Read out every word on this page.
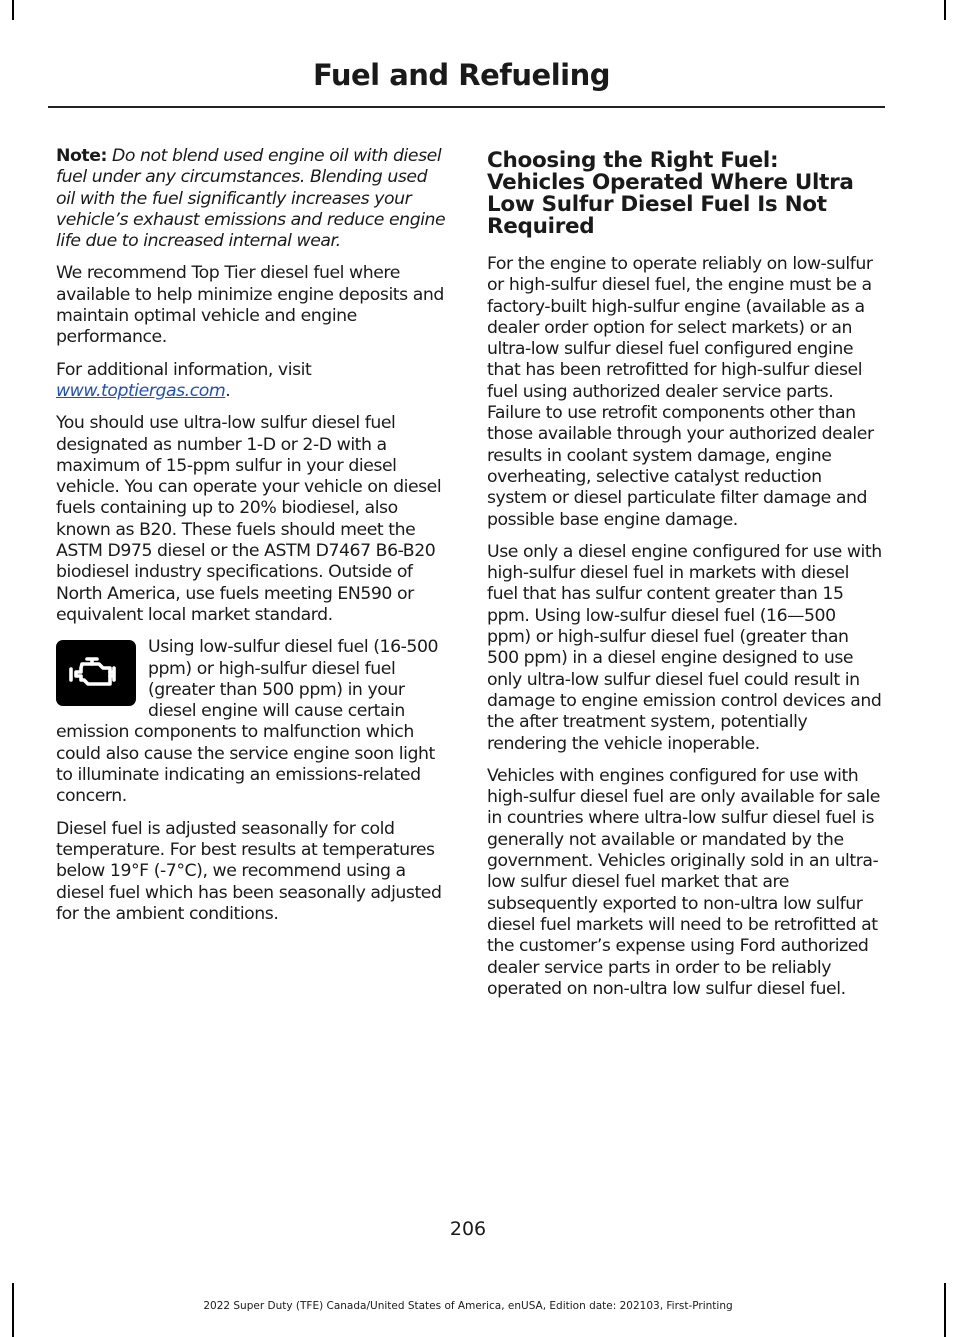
Fuel and Refueling

Note: Do not blend used engine oil with diesel fuel under any circumstances. Blending used oil with the fuel significantly increases your vehicle’s exhaust emissions and reduce engine life due to increased internal wear.

We recommend Top Tier diesel fuel where available to help minimize engine deposits and maintain optimal vehicle and engine performance.

For additional information, visit www.toptiergas.com.

You should use ultra-low sulfur diesel fuel designated as number 1-D or 2-D with a maximum of 15-ppm sulfur in your diesel vehicle. You can operate your vehicle on diesel fuels containing up to 20% biodiesel, also known as B20. These fuels should meet the ASTM D975 diesel or the ASTM D7467 B6-B20 biodiesel industry specifications. Outside of North America, use fuels meeting EN590 or equivalent local market standard.

Using low-sulfur diesel fuel (16-500 ppm) or high-sulfur diesel fuel (greater than 500 ppm) in your diesel engine will cause certain emission components to malfunction which could also cause the service engine soon light to illuminate indicating an emissions-related concern.

Diesel fuel is adjusted seasonally for cold temperature. For best results at temperatures below 19°F (-7°C), we recommend using a diesel fuel which has been seasonally adjusted for the ambient conditions.

Choosing the Right Fuel: Vehicles Operated Where Ultra Low Sulfur Diesel Fuel Is Not Required

For the engine to operate reliably on low-sulfur or high-sulfur diesel fuel, the engine must be a factory-built high-sulfur engine (available as a dealer order option for select markets) or an ultra-low sulfur diesel fuel configured engine that has been retrofitted for high-sulfur diesel fuel using authorized dealer service parts. Failure to use retrofit components other than those available through your authorized dealer results in coolant system damage, engine overheating, selective catalyst reduction system or diesel particulate filter damage and possible base engine damage.

Use only a diesel engine configured for use with high-sulfur diesel fuel in markets with diesel fuel that has sulfur content greater than 15 ppm. Using low-sulfur diesel fuel (16—500 ppm) or high-sulfur diesel fuel (greater than 500 ppm) in a diesel engine designed to use only ultra-low sulfur diesel fuel could result in damage to engine emission control devices and the after treatment system, potentially rendering the vehicle inoperable.

Vehicles with engines configured for use with high-sulfur diesel fuel are only available for sale in countries where ultra-low sulfur diesel fuel is generally not available or mandated by the government. Vehicles originally sold in an ultra-low sulfur diesel fuel market that are subsequently exported to non-ultra low sulfur diesel fuel markets will need to be retrofitted at the customer’s expense using Ford authorized dealer service parts in order to be reliably operated on non-ultra low sulfur diesel fuel.

206
2022 Super Duty (TFE) Canada/United States of America, enUSA, Edition date: 202103, First-Printing
